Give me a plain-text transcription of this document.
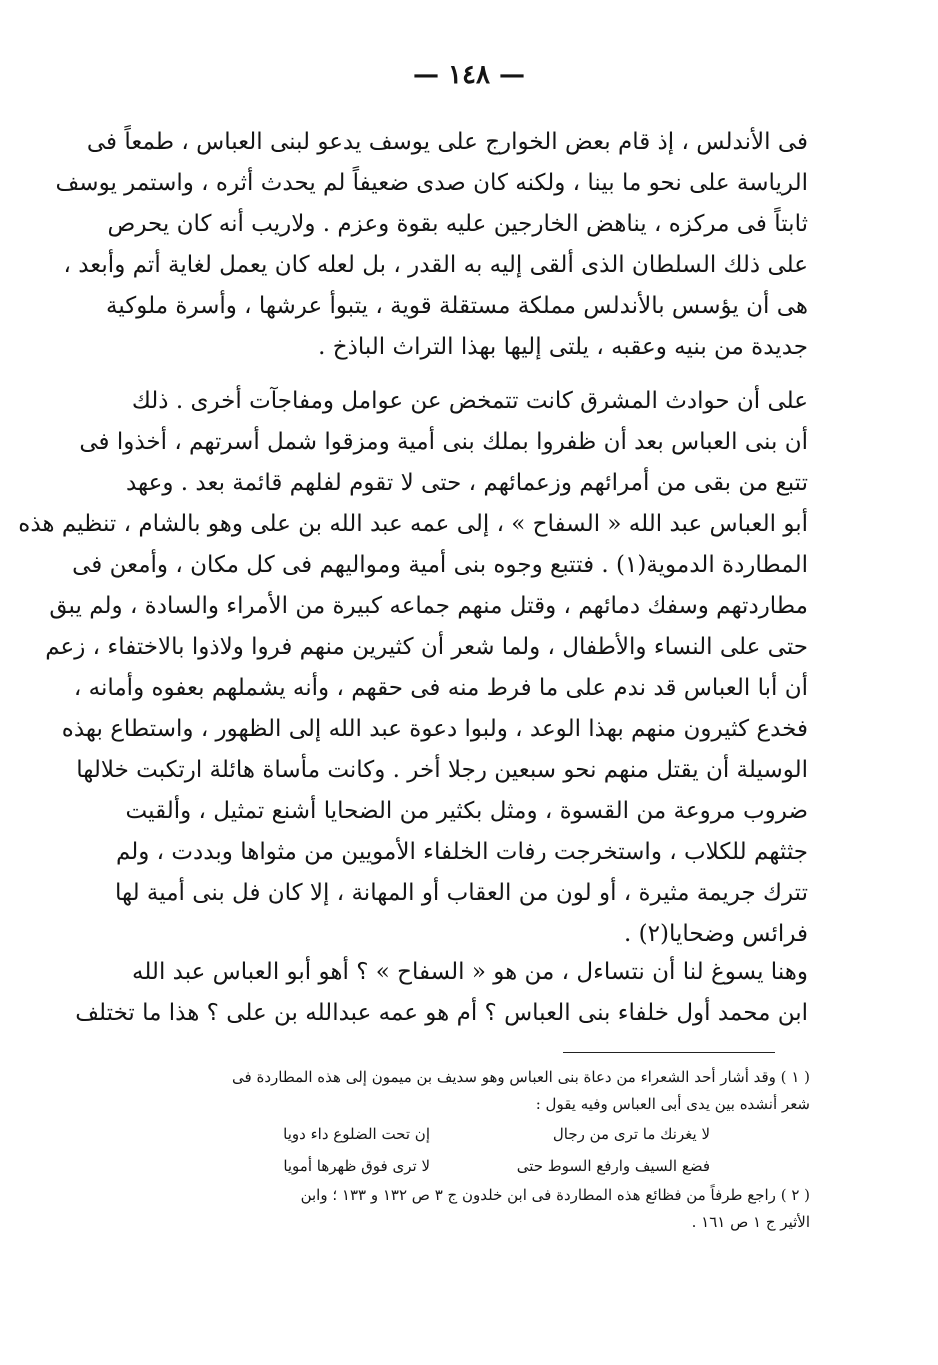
— ١٤٨ —
فى الأندلس ، إذ قام بعض الخوارج على يوسف يدعو لبنى العباس ، طمعاً فى
الرياسة على نحو ما بينا ، ولكنه كان صدى ضعيفاً لم يحدث أثره ، واستمر يوسف
ثابتاً فى مركزه ، يناهض الخارجين عليه بقوة وعزم . ولاريب أنه كان يحرص
على ذلك السلطان الذى ألقى إليه به القدر ، بل لعله كان يعمل لغاية أتم وأبعد ،
هى أن يؤسس بالأندلس مملكة مستقلة قوية ، يتبوأ عرشها ، وأسرة ملوكية
جديدة من بنيه وعقبه ، يلتى إليها بهذا التراث الباذخ .
على أن حوادث المشرق كانت تتمخض عن عوامل ومفاجآت أخرى . ذلك
أن بنى العباس بعد أن ظفروا بملك بنى أمية ومزقوا شمل أسرتهم ، أخذوا فى
تتبع من بقى من أمرائهم وزعمائهم ، حتى لا تقوم لفلهم قائمة بعد . وعهد
أبو العباس عبد الله « السفاح » ، إلى عمه عبد الله بن على وهو بالشام ، تنظيم هذه
المطاردة الدموية(١) . فتتبع وجوه بنى أمية ومواليهم فى كل مكان ، وأمعن فى
مطاردتهم وسفك دمائهم ، وقتل منهم جماعه كبيرة من الأمراء والسادة ، ولم يبق
حتى على النساء والأطفال ، ولما شعر أن كثيرين منهم فروا ولاذوا بالاختفاء ، زعم
أن أبا العباس قد ندم على ما فرط منه فى حقهم ، وأنه يشملهم بعفوه وأمانه ،
فخدع كثيرون منهم بهذا الوعد ، ولبوا دعوة عبد الله إلى الظهور ، واستطاع بهذه
الوسيلة أن يقتل منهم نحو سبعين رجلا أخر . وكانت مأساة هائلة ارتكبت خلالها
ضروب مروعة من القسوة ، ومثل بكثير من الضحايا أشنع تمثيل ، وألقيت
جثثهم للكلاب ، واستخرجت رفات الخلفاء الأمويين من مثواها وبددت ، ولم
تترك جريمة مثيرة ، أو لون من العقاب أو المهانة ، إلا كان فل بنى أمية لها
فرائس وضحايا(٢) .
وهنا يسوغ لنا أن نتساءل ، من هو « السفاح » ؟ أهو أبو العباس عبد الله
ابن محمد أول خلفاء بنى العباس ؟ أم هو عمه عبدالله بن على ؟ هذا ما تختلف
( ١ ) وقد أشار أحد الشعراء من دعاة بنى العباس وهو سديف بن ميمون إلى هذه المطاردة فى
شعر أنشده بين يدى أبى العباس وفيه يقول :
لا يغرنك ما ترى من رجال
إن تحت الضلوع داء دويا
فضع السيف وارفع السوط حتى
لا ترى فوق ظهرها أمويا
( ٢ ) راجع طرفاً من فظائع هذه المطاردة فى ابن خلدون ج ٣ ص ١٣٢ و ١٣٣ ؛ وابن
الأثير ج ١ ص ١٦١ .
